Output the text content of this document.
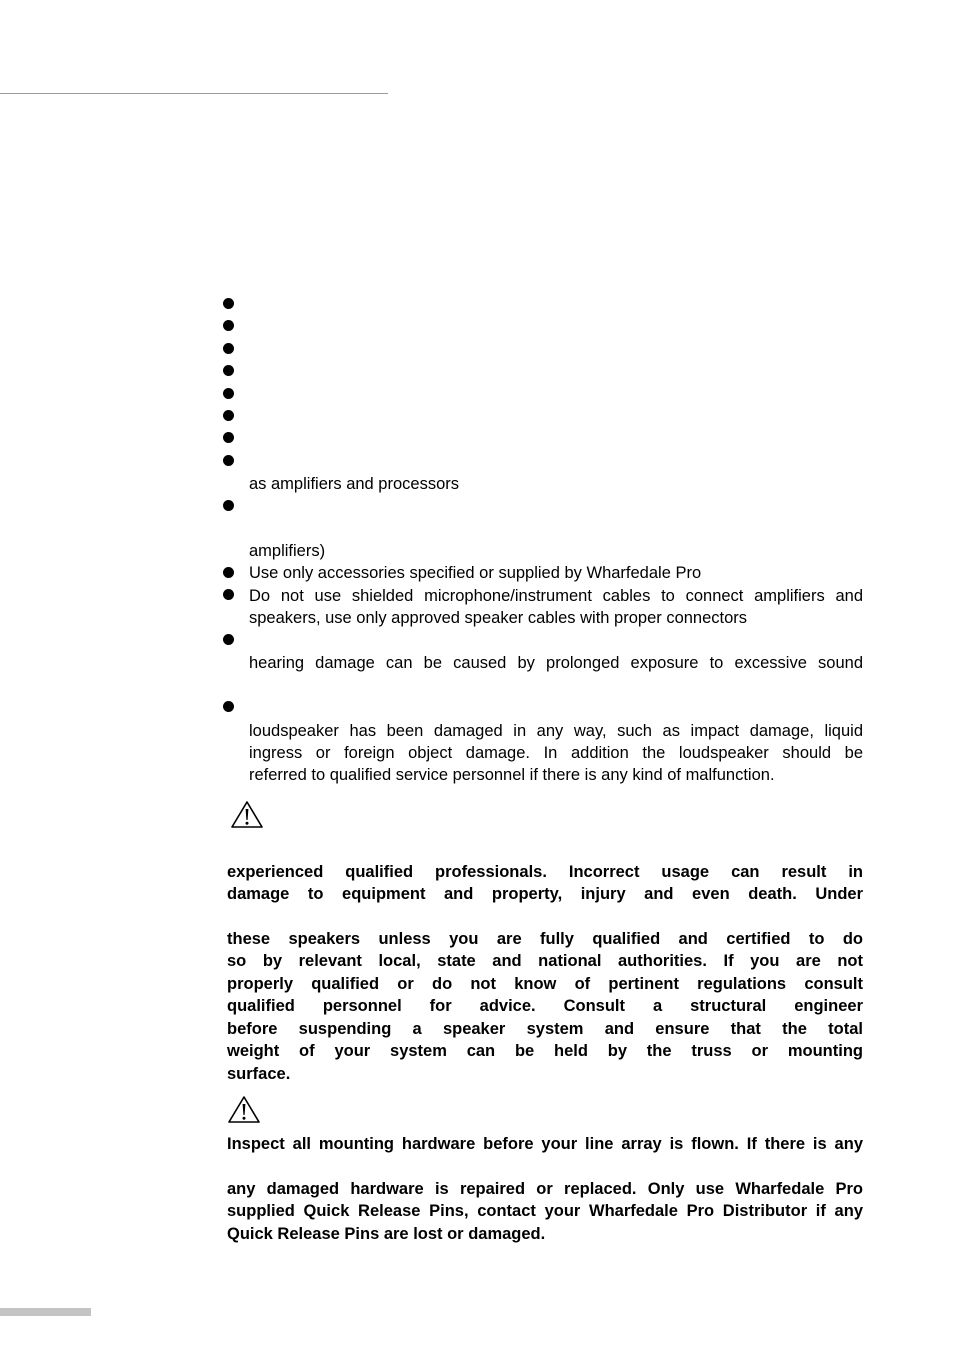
as amplifiers and processors
amplifiers)
Use only accessories specified or supplied by Wharfedale Pro
Do not use shielded microphone/instrument cables to connect amplifiers and
speakers, use only approved speaker cables with proper connectors
hearing damage can be caused by prolonged exposure to excessive sound
loudspeaker has been damaged in any way, such as impact damage, liquid
ingress or foreign object damage. In addition the loudspeaker should be
referred to qualified service personnel if there is any kind of malfunction.
experienced qualified professionals. Incorrect usage can result in
damage to equipment and property, injury and even death. Under
these speakers unless you are fully qualified and certified to do
so by relevant local, state and national authorities. If you are not
properly qualified or do not know of pertinent regulations consult
qualified personnel for advice. Consult a structural engineer
before suspending a speaker system and ensure that the total
weight of your system can be held by the truss or mounting
surface.
Inspect all mounting hardware before your line array is flown. If there is any
any damaged hardware is repaired or replaced. Only use Wharfedale Pro
supplied Quick Release Pins, contact your Wharfedale Pro Distributor if any
Quick Release Pins are lost or damaged.
